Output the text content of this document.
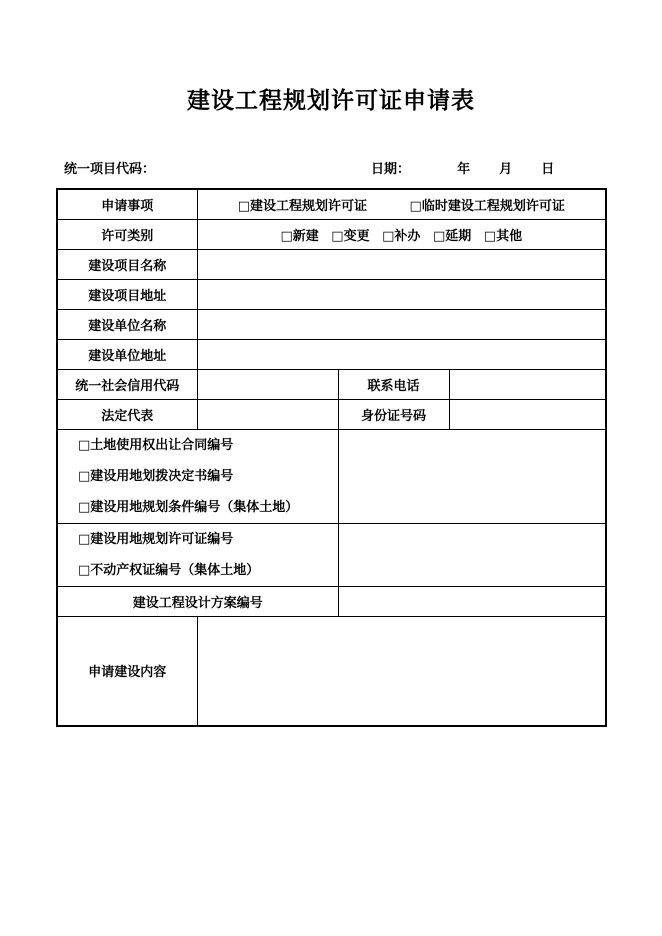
建设工程规划许可证申请表
统一项目代码：	日期：	年 月 日
申请事项	□建设工程规划许可证 □临时建设工程规划许可证		
许可类别	□新建 □变更 □补办 □延期 □其他		
建设项目名称			
建设项目地址			
建设单位名称			
建设单位地址			
统一社会信用代码		联系电话	
法定代表		身份证号码	

□土地使用权出让合同编号
□建设用地划拨决定书编号
□建设用地规划条件编号（集体土地）			

□建设用地规划许可证编号
□不动产权证编号（集体土地）			

建设工程设计方案编号			
申请建设内容			
